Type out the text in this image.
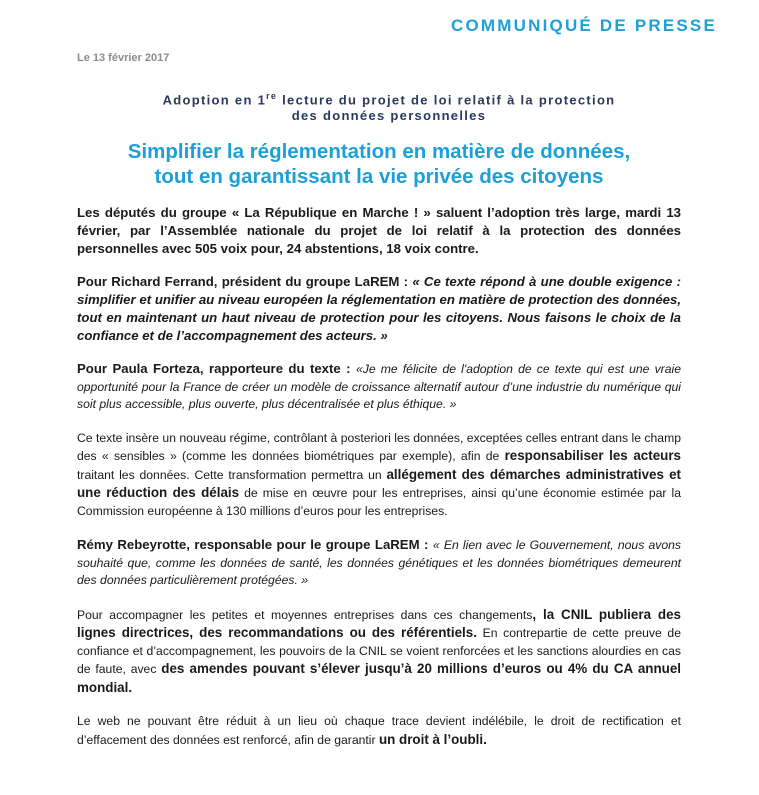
COMMUNIQUÉ DE PRESSE
Le 13 février 2017
Adoption en 1re lecture du projet de loi relatif à la protection
des données personnelles
Simplifier la réglementation en matière de données,
tout en garantissant la vie privée des citoyens

Les députés du groupe « La République en Marche ! » saluent l’adoption très large, mardi 13 février, par l’Assemblée nationale du projet de loi relatif à la protection des données personnelles avec 505 voix pour, 24 abstentions, 18 voix contre.

Pour Richard Ferrand, président du groupe LaREM : « Ce texte répond à une double exigence : simplifier et unifier au niveau européen la réglementation en matière de protection des données, tout en maintenant un haut niveau de protection pour les citoyens. Nous faisons le choix de la confiance et de l’accompagnement des acteurs. »

Pour Paula Forteza, rapporteure du texte : «Je me félicite de l'adoption de ce texte qui est une vraie opportunité pour la France de créer un modèle de croissance alternatif autour d’une industrie du numérique qui soit plus accessible, plus ouverte, plus décentralisée et plus éthique. »

Ce texte insère un nouveau régime, contrôlant à posteriori les données, exceptées celles entrant dans le champ des « sensibles » (comme les données biométriques par exemple), afin de responsabiliser les acteurs traitant les données. Cette transformation permettra un allégement des démarches administratives et une réduction des délais de mise en œuvre pour les entreprises, ainsi qu’une économie estimée par la Commission européenne à 130 millions d’euros pour les entreprises.

Rémy Rebeyrotte, responsable pour le groupe LaREM : « En lien avec le Gouvernement, nous avons souhaité que, comme les données de santé, les données génétiques et les données biométriques demeurent des données particulièrement protégées. »

Pour accompagner les petites et moyennes entreprises dans ces changements, la CNIL publiera des lignes directrices, des recommandations ou des référentiels. En contrepartie de cette preuve de confiance et d’accompagnement, les pouvoirs de la CNIL se voient renforcées et les sanctions alourdies en cas de faute, avec des amendes pouvant s’élever jusqu’à 20 millions d’euros ou 4% du CA annuel mondial.

Le web ne pouvant être réduit à un lieu où chaque trace devient indélébile, le droit de rectification et d’effacement des données est renforcé, afin de garantir un droit à l’oubli.
